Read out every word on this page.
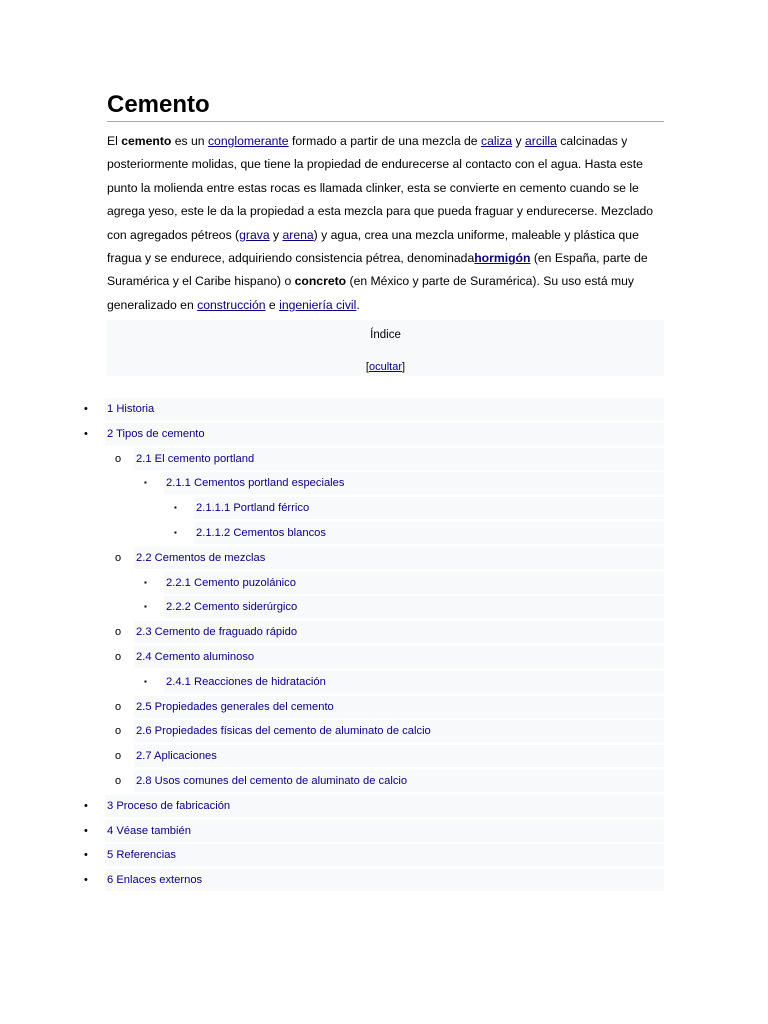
Cemento

El cemento es un conglomerante formado a partir de una mezcla de caliza y arcilla calcinadas y posteriormente molidas, que tiene la propiedad de endurecerse al contacto con el agua. Hasta este punto la molienda entre estas rocas es llamada clinker, esta se convierte en cemento cuando se le agrega yeso, este le da la propiedad a esta mezcla para que pueda fraguar y endurecerse. Mezclado con agregados pétreos (grava y arena) y agua, crea una mezcla uniforme, maleable y plástica que fragua y se endurece, adquiriendo consistencia pétrea, denominadahormigón (en España, parte de Suramérica y el Caribe hispano) o concreto (en México y parte de Suramérica). Su uso está muy generalizado en construcción e ingeniería civil.

Índice
[ocultar]
• 1 Historia
• 2 Tipos de cemento
o 2.1 El cemento portland
▪ 2.1.1 Cementos portland especiales
▪ 2.1.1.1 Portland férrico
▪ 2.1.1.2 Cementos blancos
o 2.2 Cementos de mezclas
▪ 2.2.1 Cemento puzolánico
▪ 2.2.2 Cemento siderúrgico
o 2.3 Cemento de fraguado rápido
o 2.4 Cemento aluminoso
▪ 2.4.1 Reacciones de hidratación
o 2.5 Propiedades generales del cemento
o 2.6 Propiedades físicas del cemento de aluminato de calcio
o 2.7 Aplicaciones
o 2.8 Usos comunes del cemento de aluminato de calcio
• 3 Proceso de fabricación
• 4 Véase también
• 5 Referencias
• 6 Enlaces externos
